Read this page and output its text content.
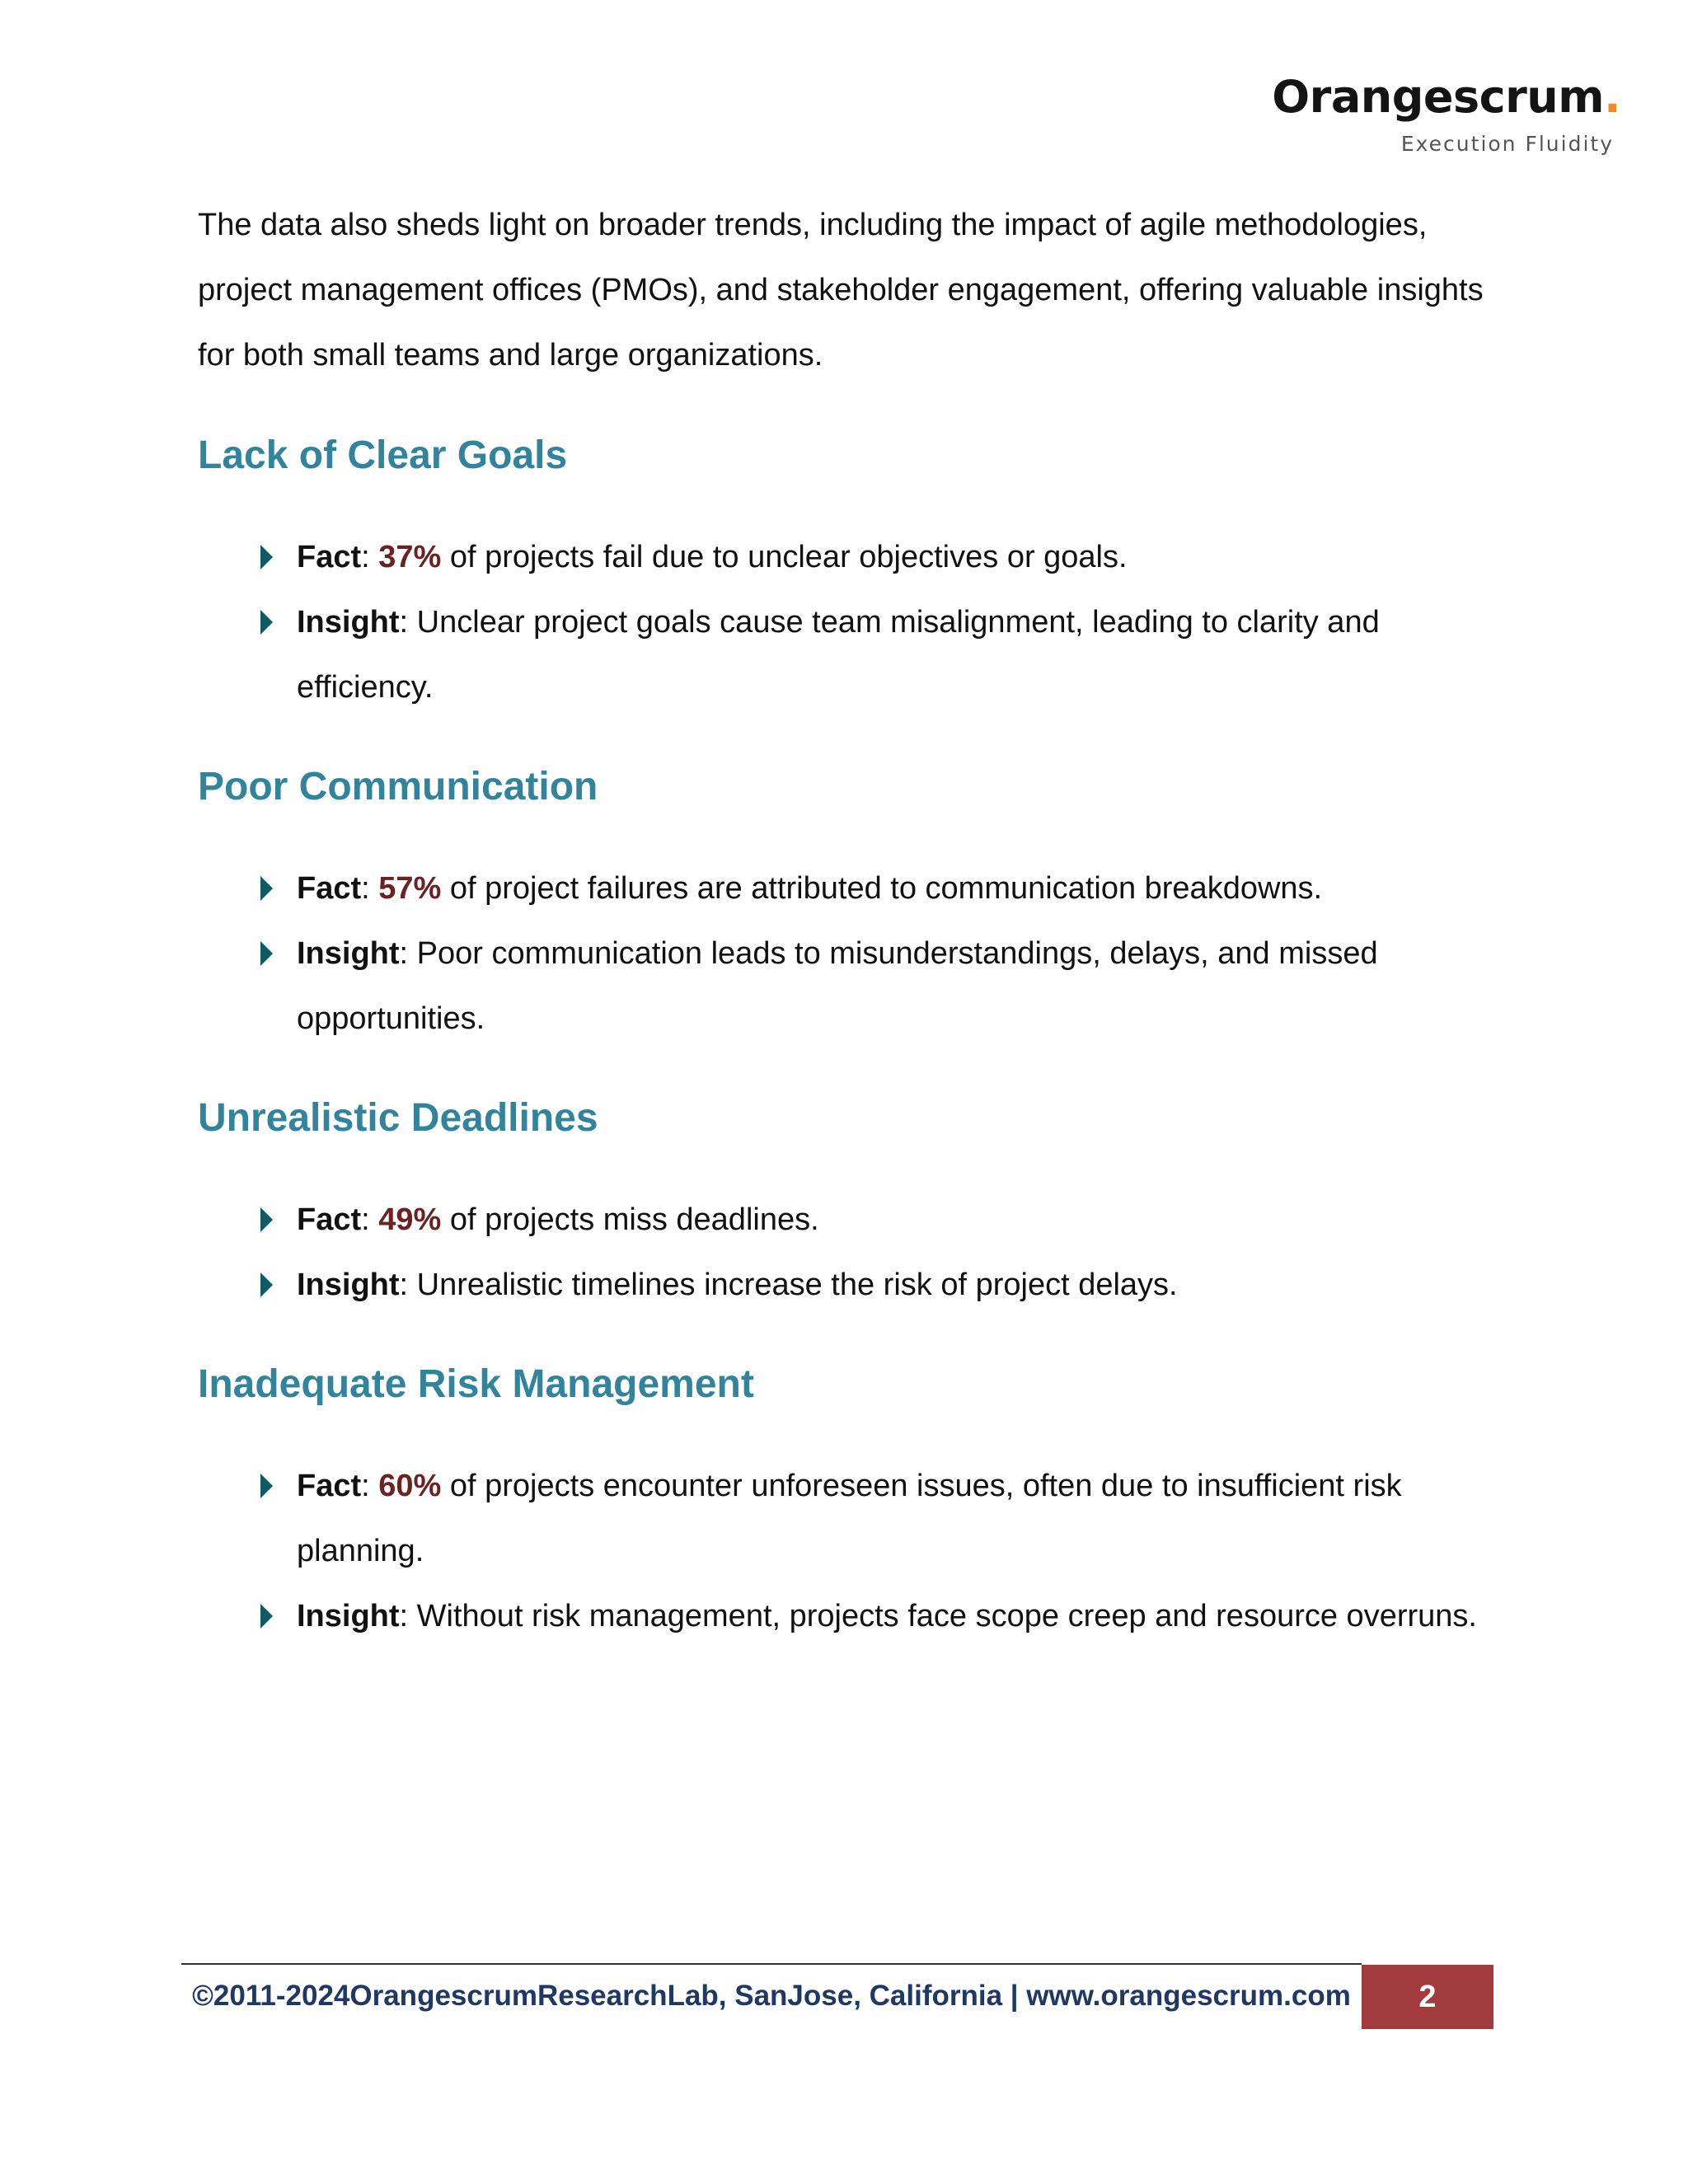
Orangescrum.
Execution Fluidity

The data also sheds light on broader trends, including the impact of agile methodologies, project management offices (PMOs), and stakeholder engagement, offering valuable insights for both small teams and large organizations.

Lack of Clear Goals
Fact: 37% of projects fail due to unclear objectives or goals.
Insight: Unclear project goals cause team misalignment, leading to clarity and efficiency.
Poor Communication
Fact: 57% of project failures are attributed to communication breakdowns.
Insight: Poor communication leads to misunderstandings, delays, and missed opportunities.
Unrealistic Deadlines
Fact: 49% of projects miss deadlines.
Insight: Unrealistic timelines increase the risk of project delays.
Inadequate Risk Management
Fact: 60% of projects encounter unforeseen issues, often due to insufficient risk planning.
Insight: Without risk management, projects face scope creep and resource overruns.
©2011-2024OrangescrumResearchLab, SanJose, California | www.orangescrum.com	2
